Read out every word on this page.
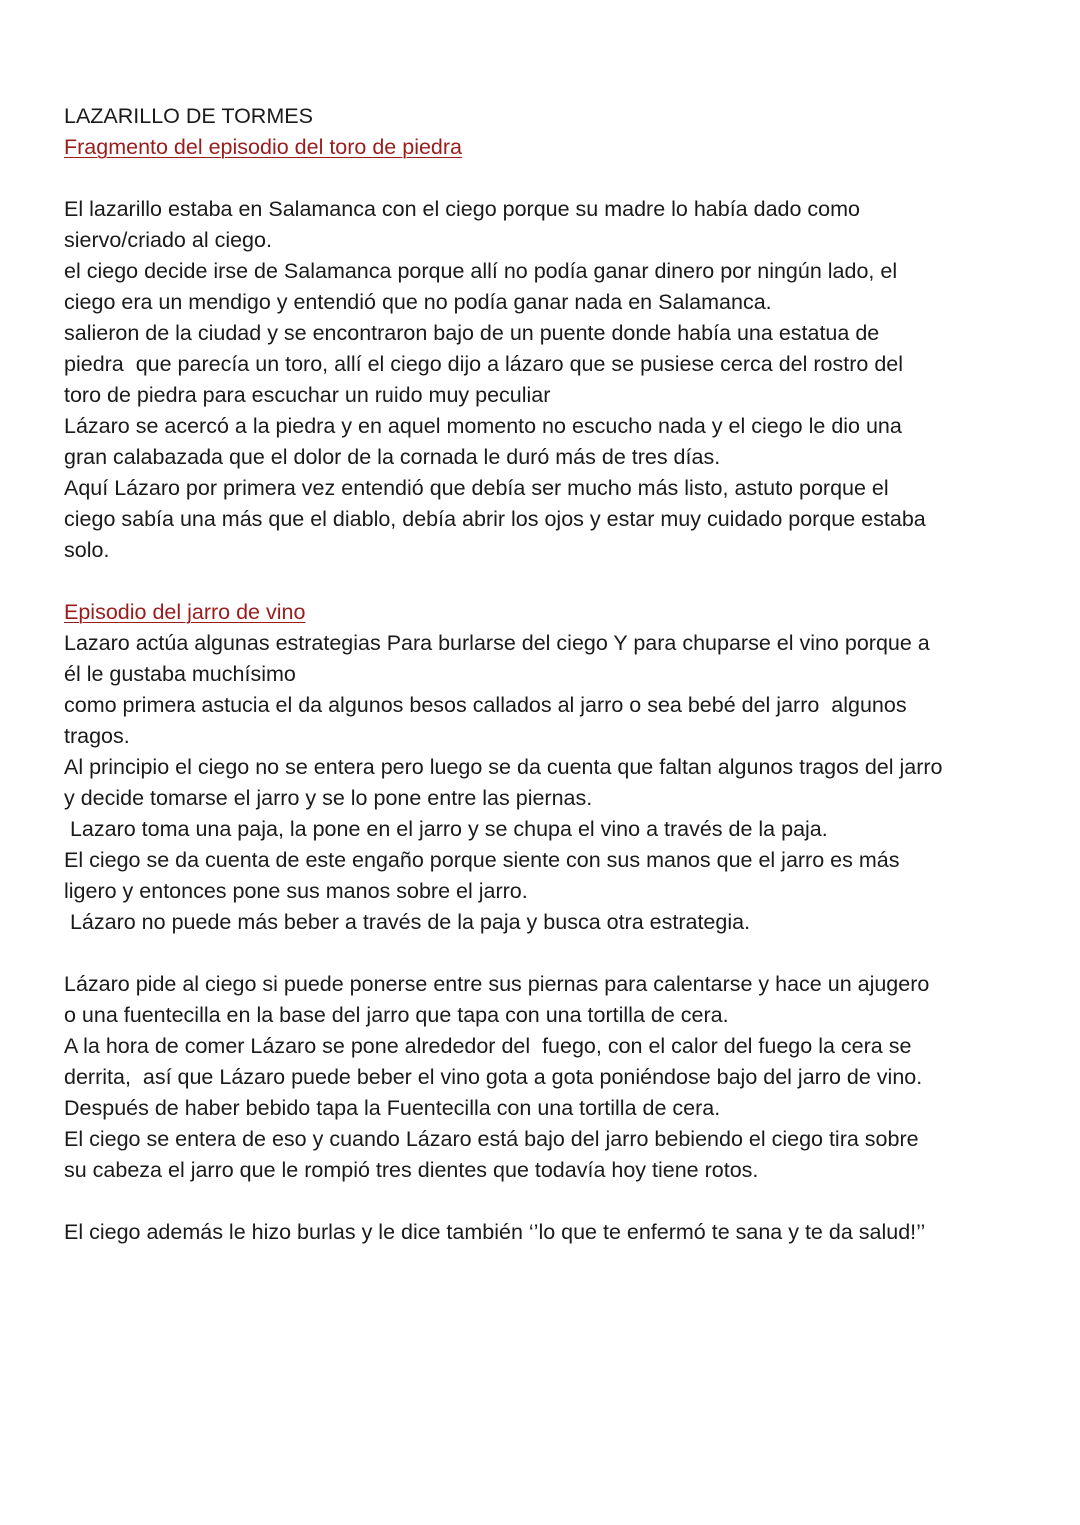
LAZARILLO DE TORMES
Fragmento del episodio del toro de piedra
El lazarillo estaba en Salamanca con el ciego porque su madre lo había dado como
siervo/criado al ciego.
el ciego decide irse de Salamanca porque allí no podía ganar dinero por ningún lado, el
ciego era un mendigo y entendió que no podía ganar nada en Salamanca.
salieron de la ciudad y se encontraron bajo de un puente donde había una estatua de
piedra  que parecía un toro, allí el ciego dijo a lázaro que se pusiese cerca del rostro del
toro de piedra para escuchar un ruido muy peculiar
Lázaro se acercó a la piedra y en aquel momento no escucho nada y el ciego le dio una
gran calabazada que el dolor de la cornada le duró más de tres días.
Aquí Lázaro por primera vez entendió que debía ser mucho más listo, astuto porque el
ciego sabía una más que el diablo, debía abrir los ojos y estar muy cuidado porque estaba
solo.
Episodio del jarro de vino
Lazaro actúa algunas estrategias Para burlarse del ciego Y para chuparse el vino porque a
él le gustaba muchísimo
como primera astucia el da algunos besos callados al jarro o sea bebé del jarro  algunos
tragos.
Al principio el ciego no se entera pero luego se da cuenta que faltan algunos tragos del jarro
y decide tomarse el jarro y se lo pone entre las piernas.
Lazaro toma una paja, la pone en el jarro y se chupa el vino a través de la paja.
El ciego se da cuenta de este engaño porque siente con sus manos que el jarro es más
ligero y entonces pone sus manos sobre el jarro.
Lázaro no puede más beber a través de la paja y busca otra estrategia.
Lázaro pide al ciego si puede ponerse entre sus piernas para calentarse y hace un ajugero
o una fuentecilla en la base del jarro que tapa con una tortilla de cera.
A la hora de comer Lázaro se pone alrededor del  fuego, con el calor del fuego la cera se
derrita,  así que Lázaro puede beber el vino gota a gota poniéndose bajo del jarro de vino.
Después de haber bebido tapa la Fuentecilla con una tortilla de cera.
El ciego se entera de eso y cuando Lázaro está bajo del jarro bebiendo el ciego tira sobre
su cabeza el jarro que le rompió tres dientes que todavía hoy tiene rotos.
El ciego además le hizo burlas y le dice también ‘’lo que te enfermó te sana y te da salud!’’
